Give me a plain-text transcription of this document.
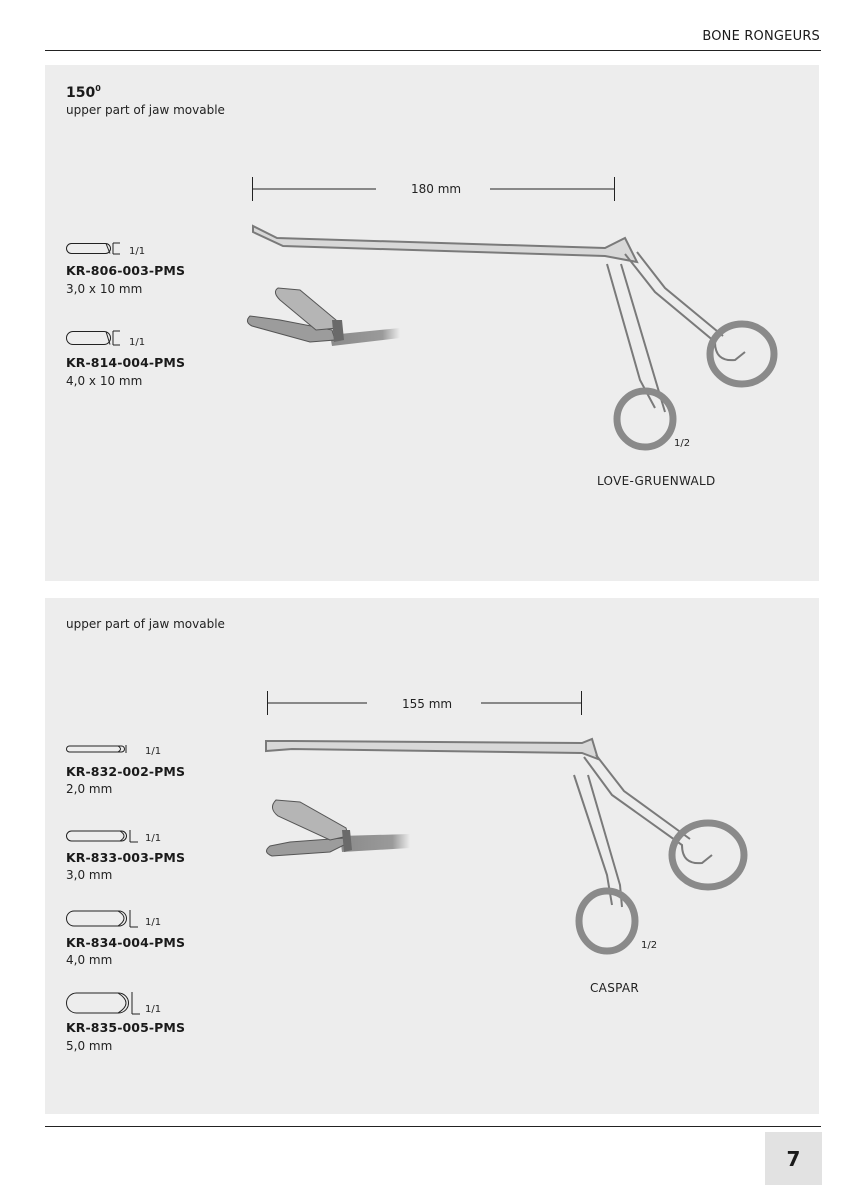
BONE RONGEURS
$150^0$
upper part of jaw movable
1/1
KR-806-003-PMS
3,0 x 10 mm
1/1
KR-814-004-PMS
4,0 x 10 mm
180 mm
1/2
LOVE-GRUENWALD
upper part of jaw movable
1/1
KR-832-002-PMS
2,0 mm
1/1
KR-833-003-PMS
3,0 mm
1/1
KR-834-004-PMS
4,0 mm
1/1
KR-835-005-PMS
5,0 mm
155 mm
1/2
CASPAR
7
